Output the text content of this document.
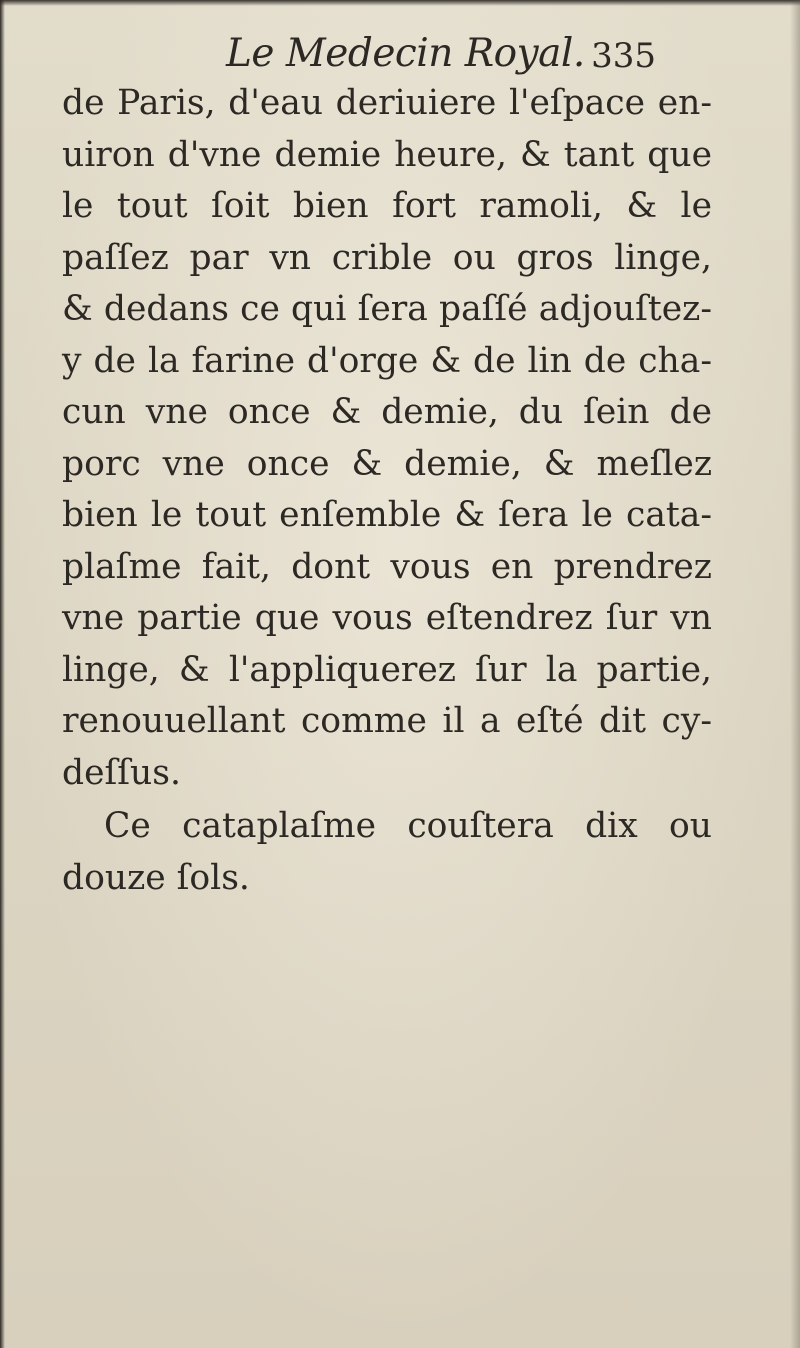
Le Medecin Royal. 335
de Paris, d'eau deriuiere l'eſpace en-
uiron d'vne demie heure, & tant que
le tout ſoit bien fort ramoli, & le
paſſez par vn crible ou gros linge,
& dedans ce qui ſera paſſé adjouſtez-
y de la farine d'orge & de lin de cha-
cun vne once & demie, du ſein de
porc vne once & demie, & meſlez
bien le tout enſemble & ſera le cata-
plaſme fait, dont vous en prendrez
vne partie que vous eſtendrez ſur vn
linge, & l'appliquerez ſur la partie,
renouuellant comme il a eſté dit cy-
deſſus.
Ce cataplaſme couſtera dix ou
douze ſols.
